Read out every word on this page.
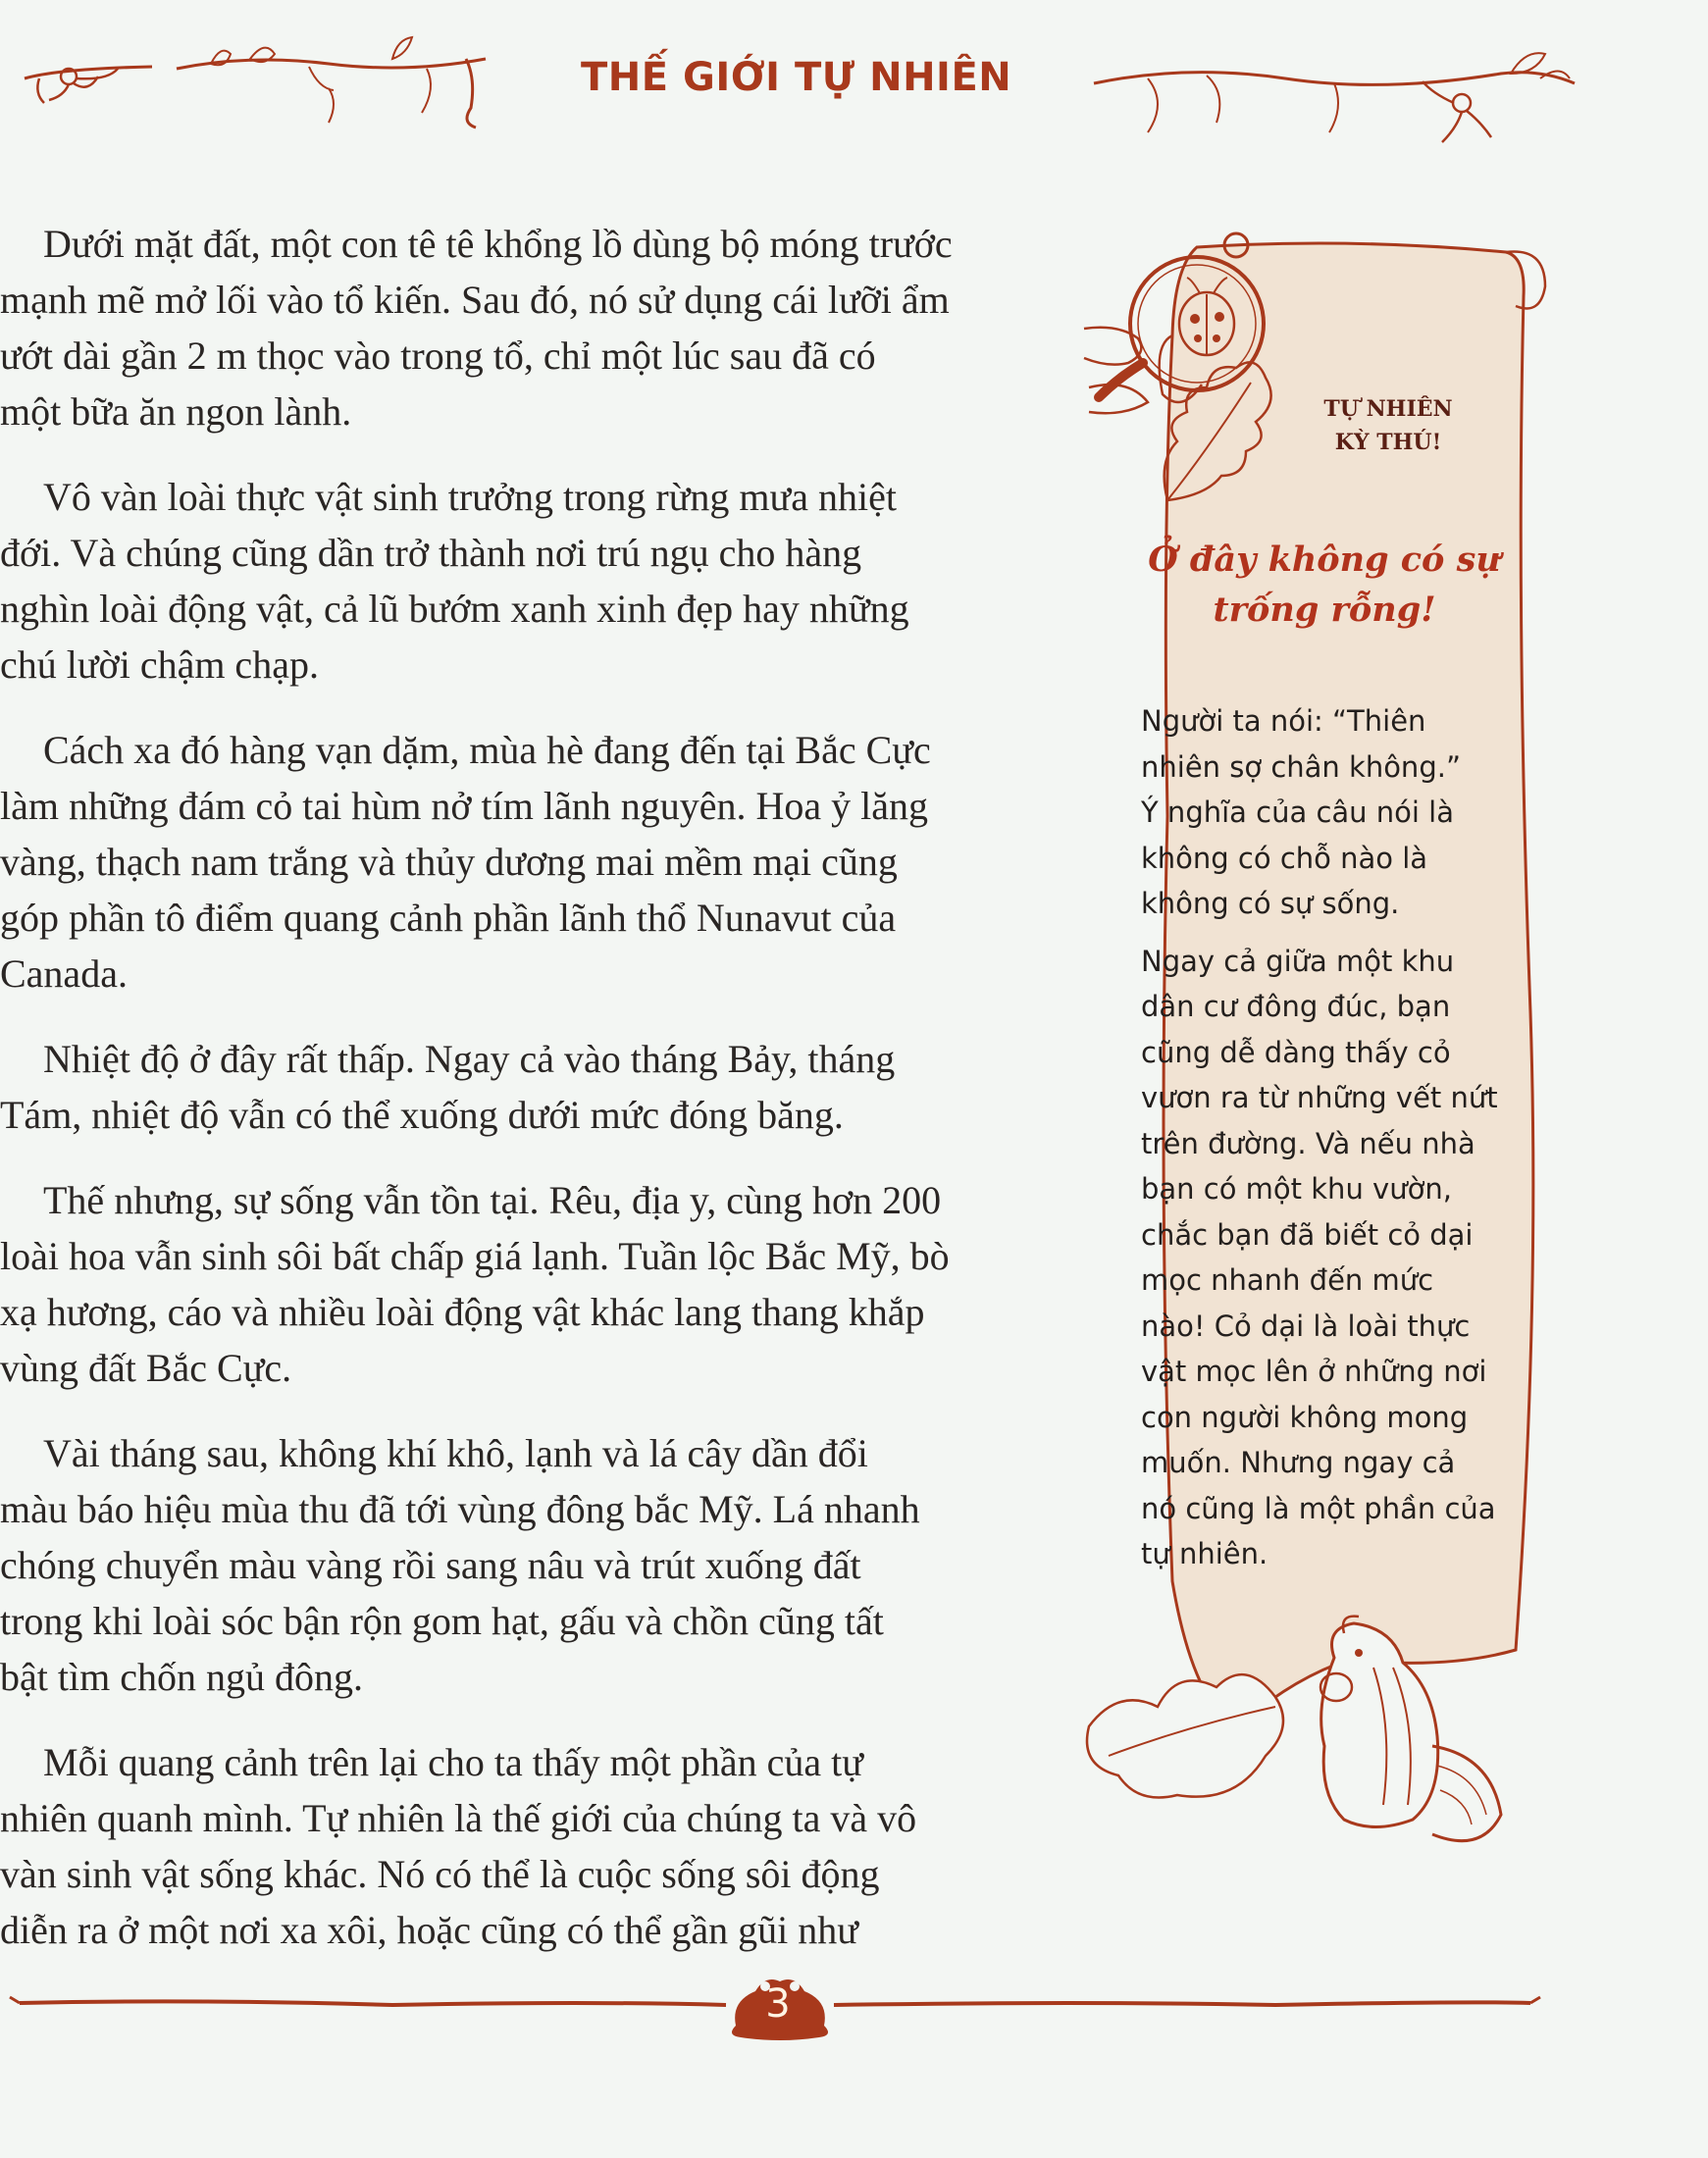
THẾ GIỚI TỰ NHIÊN

Dưới mặt đất, một con tê tê khổng lồ dùng bộ móng trước
mạnh mẽ mở lối vào tổ kiến. Sau đó, nó sử dụng cái lưỡi ẩm
ướt dài gần 2 m thọc vào trong tổ, chỉ một lúc sau đã có
một bữa ăn ngon lành.

Vô vàn loài thực vật sinh trưởng trong rừng mưa nhiệt
đới. Và chúng cũng dần trở thành nơi trú ngụ cho hàng
nghìn loài động vật, cả lũ bướm xanh xinh đẹp hay những
chú lười chậm chạp.

Cách xa đó hàng vạn dặm, mùa hè đang đến tại Bắc Cực
làm những đám cỏ tai hùm nở tím lãnh nguyên. Hoa ỷ lăng
vàng, thạch nam trắng và thủy dương mai mềm mại cũng
góp phần tô điểm quang cảnh phần lãnh thổ Nunavut của
Canada.

Nhiệt độ ở đây rất thấp. Ngay cả vào tháng Bảy, tháng
Tám, nhiệt độ vẫn có thể xuống dưới mức đóng băng.

Thế nhưng, sự sống vẫn tồn tại. Rêu, địa y, cùng hơn 200
loài hoa vẫn sinh sôi bất chấp giá lạnh. Tuần lộc Bắc Mỹ, bò
xạ hương, cáo và nhiều loài động vật khác lang thang khắp
vùng đất Bắc Cực.

Vài tháng sau, không khí khô, lạnh và lá cây dần đổi
màu báo hiệu mùa thu đã tới vùng đông bắc Mỹ. Lá nhanh
chóng chuyển màu vàng rồi sang nâu và trút xuống đất
trong khi loài sóc bận rộn gom hạt, gấu và chồn cũng tất
bật tìm chốn ngủ đông.

Mỗi quang cảnh trên lại cho ta thấy một phần của tự
nhiên quanh mình. Tự nhiên là thế giới của chúng ta và vô
vàn sinh vật sống khác. Nó có thể là cuộc sống sôi động
diễn ra ở một nơi xa xôi, hoặc cũng có thể gần gũi như

TỰ NHIÊN
KỲ THÚ!
Ở đây không có sự
trống rỗng!
Người ta nói: “Thiên
nhiên sợ chân không.”
Ý nghĩa của câu nói là
không có chỗ nào là
không có sự sống.
Ngay cả giữa một khu
dân cư đông đúc, bạn
cũng dễ dàng thấy cỏ
vươn ra từ những vết nứt
trên đường. Và nếu nhà
bạn có một khu vườn,
chắc bạn đã biết cỏ dại
mọc nhanh đến mức
nào! Cỏ dại là loài thực
vật mọc lên ở những nơi
con người không mong
muốn. Nhưng ngay cả
nó cũng là một phần của
tự nhiên.
3
